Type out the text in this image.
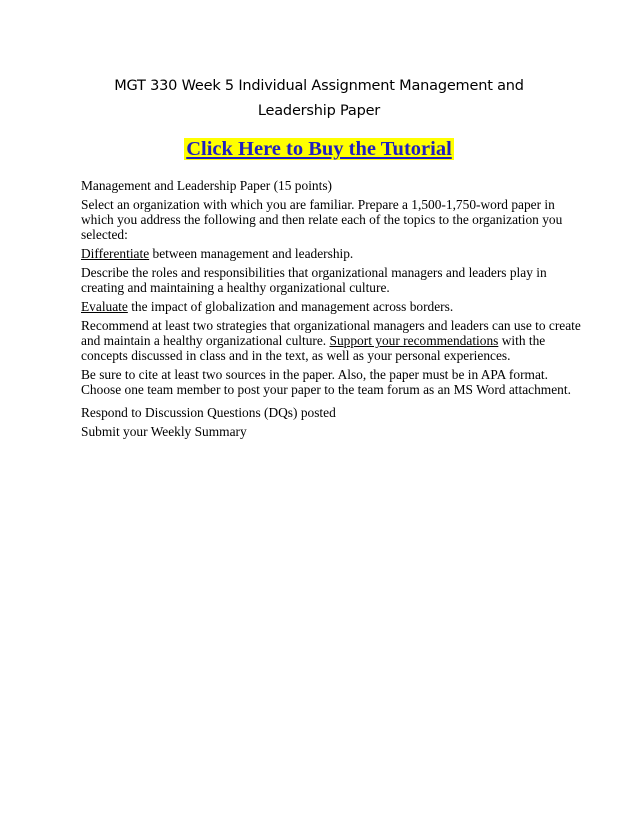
MGT 330 Week 5 Individual Assignment Management and
Leadership Paper
Click Here to Buy the Tutorial

Management and Leadership Paper (15 points)

Select an organization with which you are familiar. Prepare a 1,500-1,750-word paper in which you address the following and then relate each of the topics to the organization you selected:

Differentiate between management and leadership.

Describe the roles and responsibilities that organizational managers and leaders play in creating and maintaining a healthy organizational culture.

Evaluate the impact of globalization and management across borders.

Recommend at least two strategies that organizational managers and leaders can use to create and maintain a healthy organizational culture. Support your recommendations with the concepts discussed in class and in the text, as well as your personal experiences.

Be sure to cite at least two sources in the paper. Also, the paper must be in APA format. Choose one team member to post your paper to the team forum as an MS Word attachment.

Respond to Discussion Questions (DQs) posted

Submit your Weekly Summary
